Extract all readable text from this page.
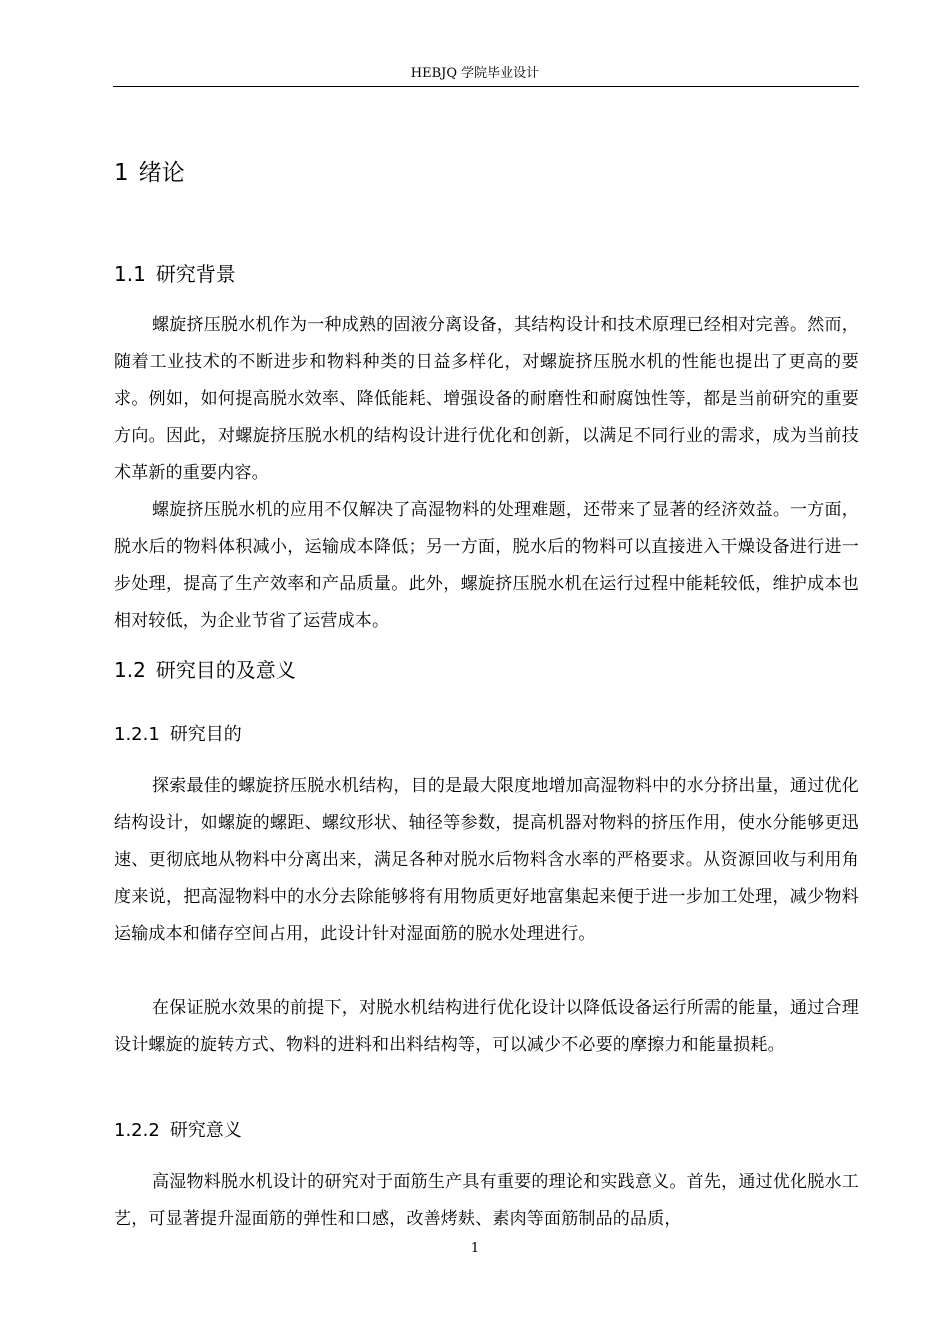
HEBJQ 学院毕业设计
1 绪论
1.1 研究背景

螺旋挤压脱水机作为一种成熟的固液分离设备，其结构设计和技术原理已经相对完善。然而，随着工业技术的不断进步和物料种类的日益多样化，对螺旋挤压脱水机的性能也提出了更高的要求。例如，如何提高脱水效率、降低能耗、增强设备的耐磨性和耐腐蚀性等，都是当前研究的重要方向。因此，对螺旋挤压脱水机的结构设计进行优化和创新，以满足不同行业的需求，成为当前技术革新的重要内容。

螺旋挤压脱水机的应用不仅解决了高湿物料的处理难题，还带来了显著的经济效益。一方面，脱水后的物料体积减小，运输成本降低；另一方面，脱水后的物料可以直接进入干燥设备进行进一步处理，提高了生产效率和产品质量。此外，螺旋挤压脱水机在运行过程中能耗较低，维护成本也相对较低，为企业节省了运营成本。

1.2 研究目的及意义
1.2.1 研究目的

探索最佳的螺旋挤压脱水机结构，目的是最大限度地增加高湿物料中的水分挤出量，通过优化结构设计，如螺旋的螺距、螺纹形状、轴径等参数，提高机器对物料的挤压作用，使水分能够更迅速、更彻底地从物料中分离出来，满足各种对脱水后物料含水率的严格要求。从资源回收与利用角度来说，把高湿物料中的水分去除能够将有用物质更好地富集起来便于进一步加工处理，减少物料运输成本和储存空间占用，此设计针对湿面筋的脱水处理进行。

在保证脱水效果的前提下，对脱水机结构进行优化设计以降低设备运行所需的能量，通过合理设计螺旋的旋转方式、物料的进料和出料结构等，可以减少不必要的摩擦力和能量损耗。

1.2.2 研究意义

高湿物料脱水机设计的研究对于面筋生产具有重要的理论和实践意义。首先，通过优化脱水工艺，可显著提升湿面筋的弹性和口感，改善烤麸、素肉等面筋制品的品质，

1
